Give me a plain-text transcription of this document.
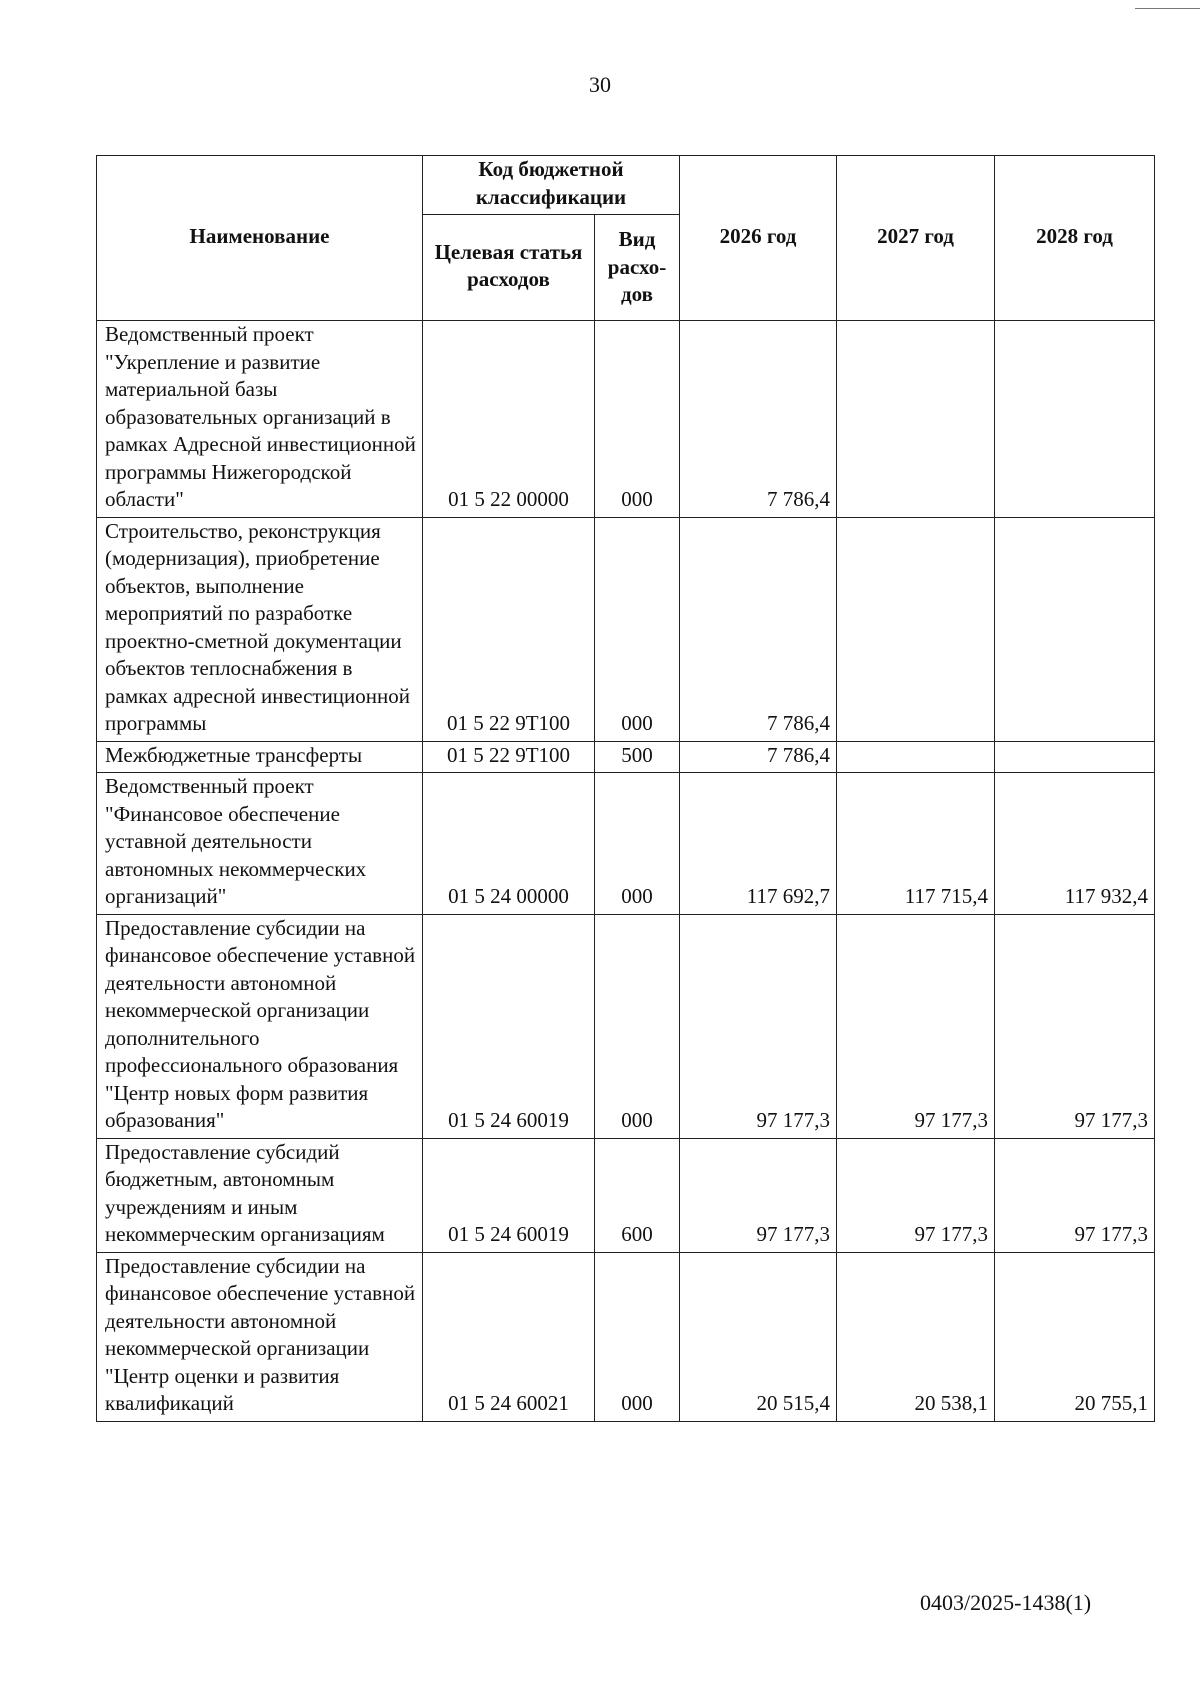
30
Наименование	Код бюджетной классификации		2026 год	2027 год	2028 год
	Целевая статья расходов	Вид расхо-дов			
Ведомственный проект "Укрепление и развитие материальной базы образовательных организаций в рамках Адресной инвестиционной программы Нижегородской области"	01 5 22 00000	000	7 786,4		
Строительство, реконструкция (модернизация), приобретение объектов, выполнение мероприятий по разработке проектно-сметной документации объектов теплоснабжения в рамках адресной инвестиционной программы	01 5 22 9Т100	000	7 786,4		
Межбюджетные трансферты	01 5 22 9Т100	500	7 786,4		
Ведомственный проект "Финансовое обеспечение уставной деятельности автономных некоммерческих организаций"	01 5 24 00000	000	117 692,7	117 715,4	117 932,4
Предоставление субсидии на финансовое обеспечение уставной деятельности автономной некоммерческой организации дополнительного профессионального образования "Центр новых форм развития образования"	01 5 24 60019	000	97 177,3	97 177,3	97 177,3
Предоставление субсидий бюджетным, автономным учреждениям и иным некоммерческим организациям	01 5 24 60019	600	97 177,3	97 177,3	97 177,3
Предоставление субсидии на финансовое обеспечение уставной деятельности автономной некоммерческой организации "Центр оценки и развития квалификаций	01 5 24 60021	000	20 515,4	20 538,1	20 755,1
0403/2025-1438(1)
